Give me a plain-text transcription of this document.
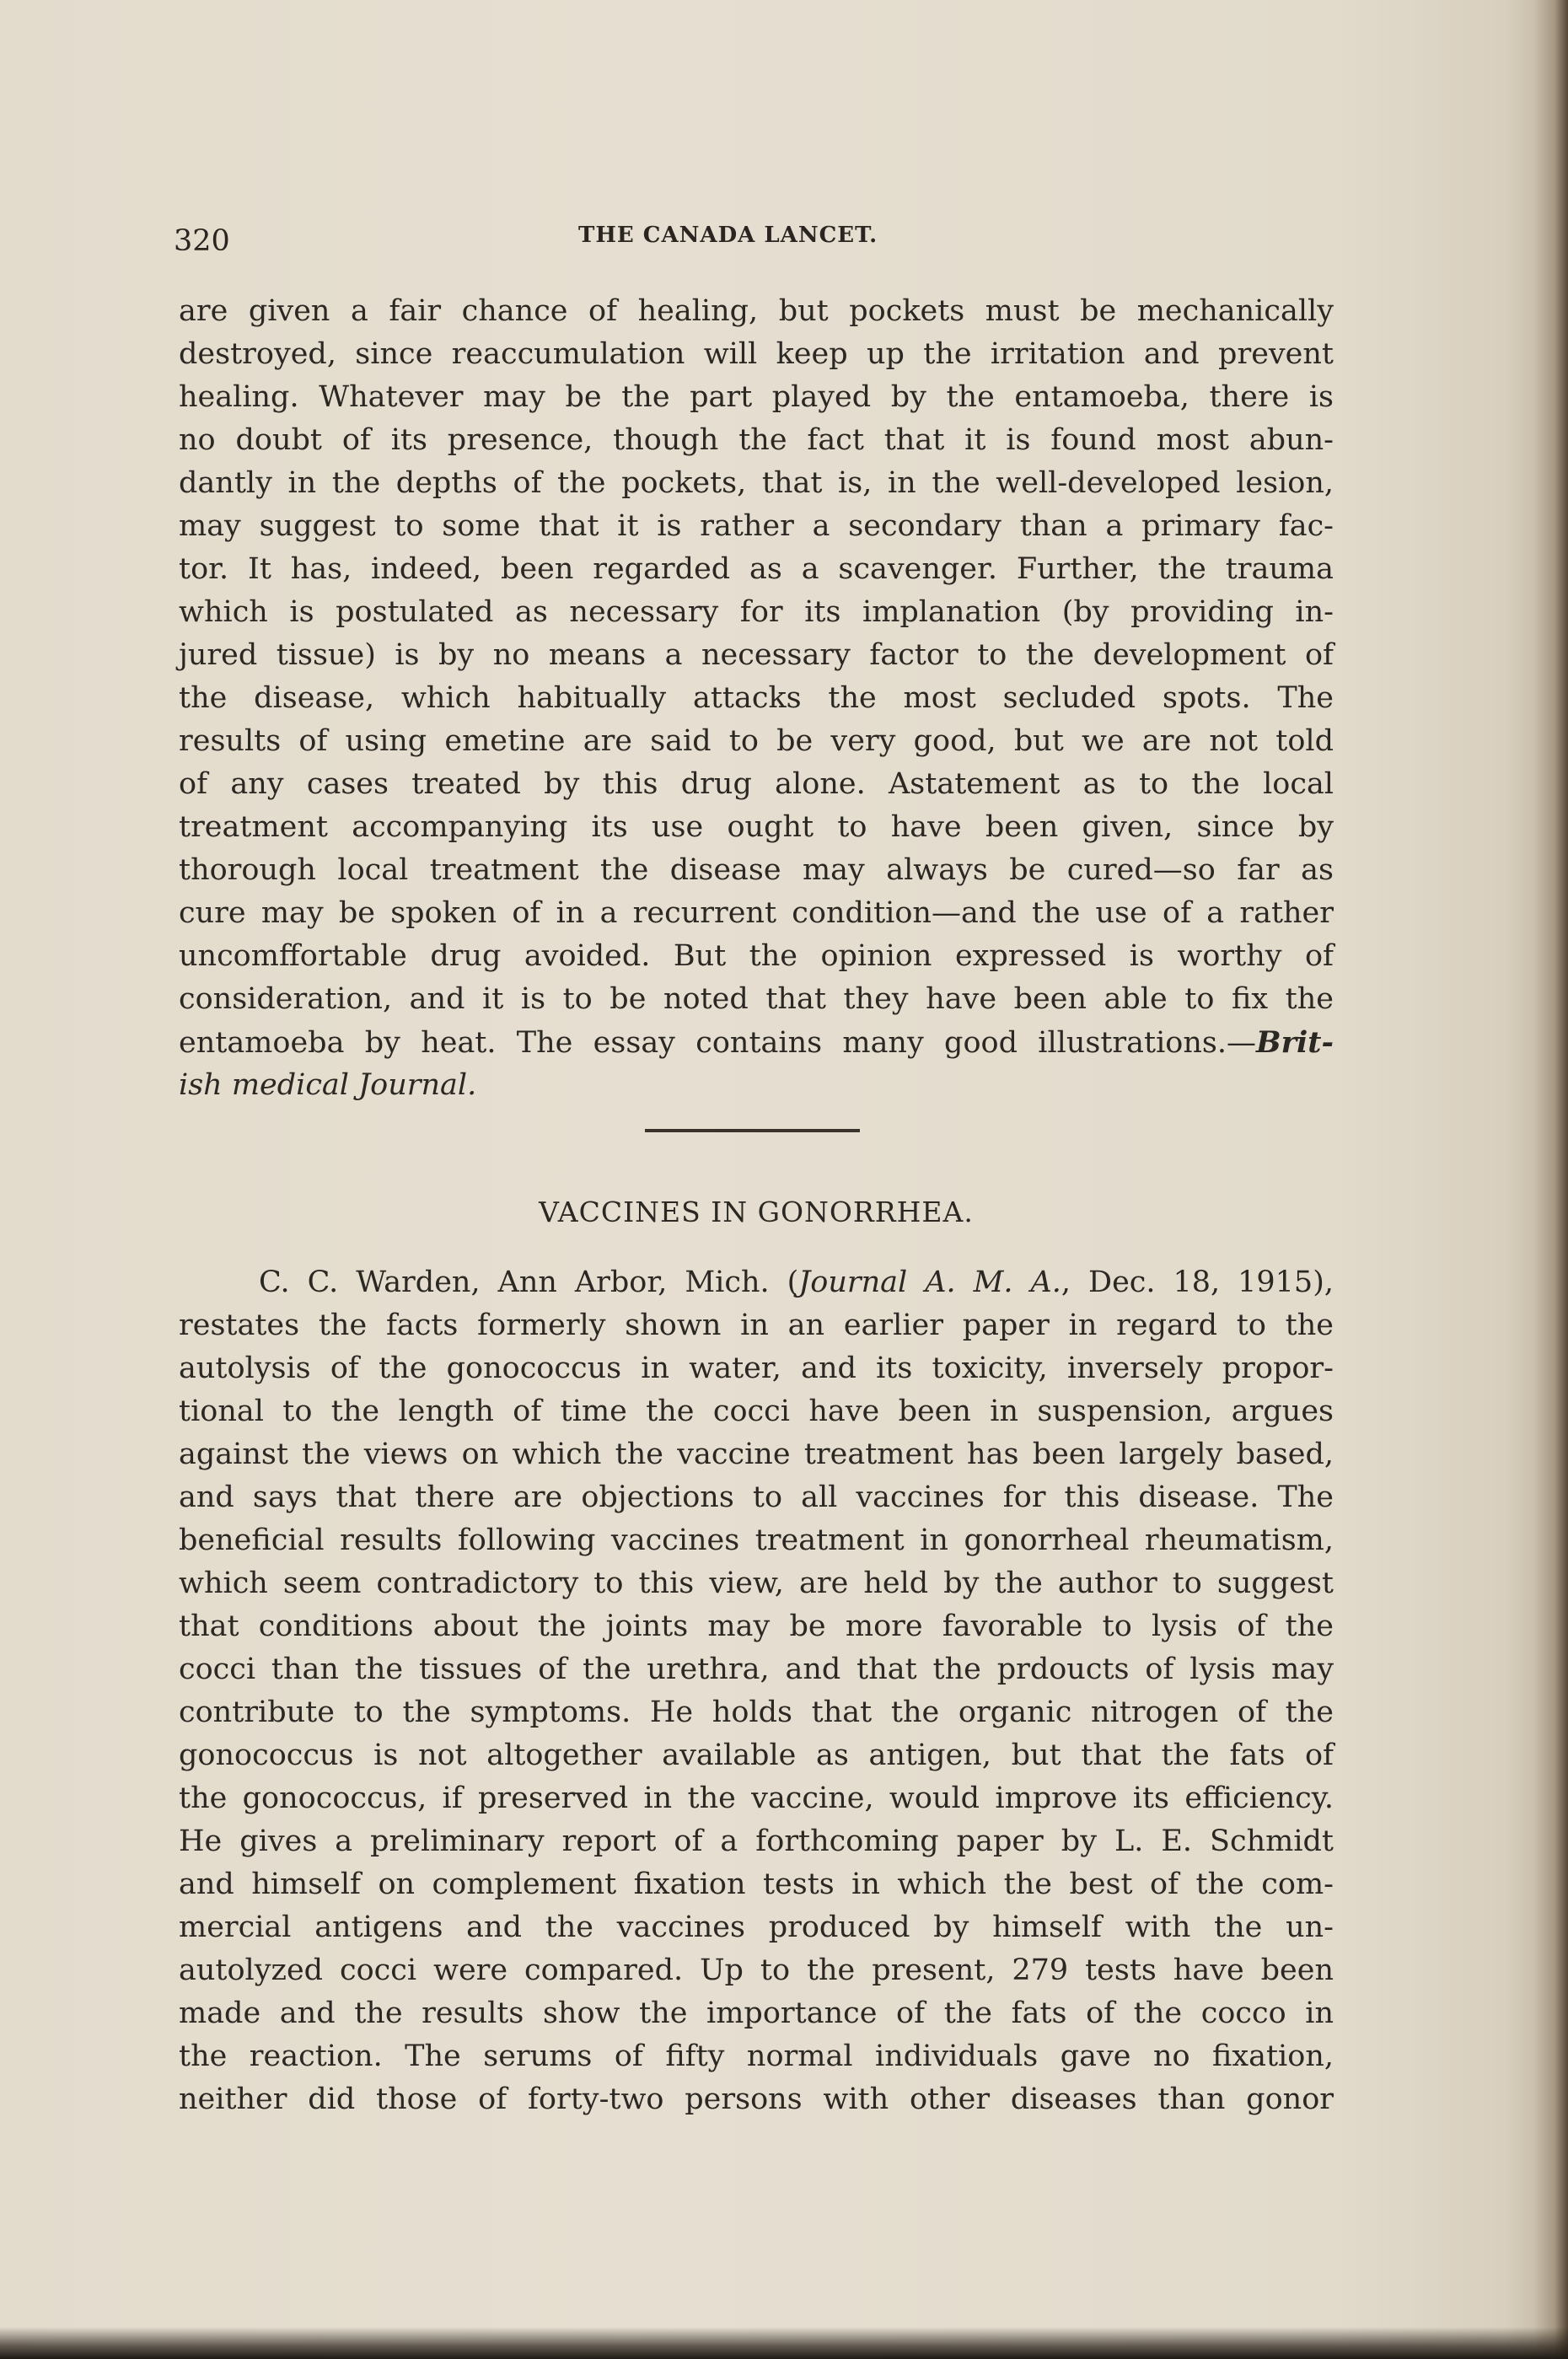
320	THE CANADA LANCET.
are given a fair chance of healing, but pockets must be mechanically
destroyed, since reaccumulation will keep up the irritation and prevent
healing. Whatever may be the part played by the entamoeba, there is
no doubt of its presence, though the fact that it is found most abun-
dantly in the depths of the pockets, that is, in the well-developed lesion,
may suggest to some that it is rather a secondary than a primary fac-
tor. It has, indeed, been regarded as a scavenger. Further, the trauma
which is postulated as necessary for its implanation (by providing in-
jured tissue) is by no means a necessary factor to the development of
the disease, which habitually attacks the most secluded spots. The
results of using emetine are said to be very good, but we are not told
of any cases treated by this drug alone. Astatement as to the local
treatment accompanying its use ought to have been given, since by
thorough local treatment the disease may always be cured—so far as
cure may be spoken of in a recurrent condition—and the use of a rather
uncomffortable drug avoided. But the opinion expressed is worthy of
consideration, and it is to be noted that they have been able to fix the
entamoeba by heat. The essay contains many good illustrations.—Brit-
ish medical Journal.
VACCINES IN GONORRHEA.
C. C. Warden, Ann Arbor, Mich. (Journal A. M. A., Dec. 18, 1915),
restates the facts formerly shown in an earlier paper in regard to the
autolysis of the gonococcus in water, and its toxicity, inversely propor-
tional to the length of time the cocci have been in suspension, argues
against the views on which the vaccine treatment has been largely based,
and says that there are objections to all vaccines for this disease. The
beneficial results following vaccines treatment in gonorrheal rheumatism,
which seem contradictory to this view, are held by the author to suggest
that conditions about the joints may be more favorable to lysis of the
cocci than the tissues of the urethra, and that the prdoucts of lysis may
contribute to the symptoms. He holds that the organic nitrogen of the
gonococcus is not altogether available as antigen, but that the fats of
the gonococcus, if preserved in the vaccine, would improve its efficiency.
He gives a preliminary report of a forthcoming paper by L. E. Schmidt
and himself on complement fixation tests in which the best of the com-
mercial antigens and the vaccines produced by himself with the un-
autolyzed cocci were compared. Up to the present, 279 tests have been
made and the results show the importance of the fats of the cocco in
the reaction. The serums of fifty normal individuals gave no fixation,
neither did those of forty-two persons with other diseases than gonor
